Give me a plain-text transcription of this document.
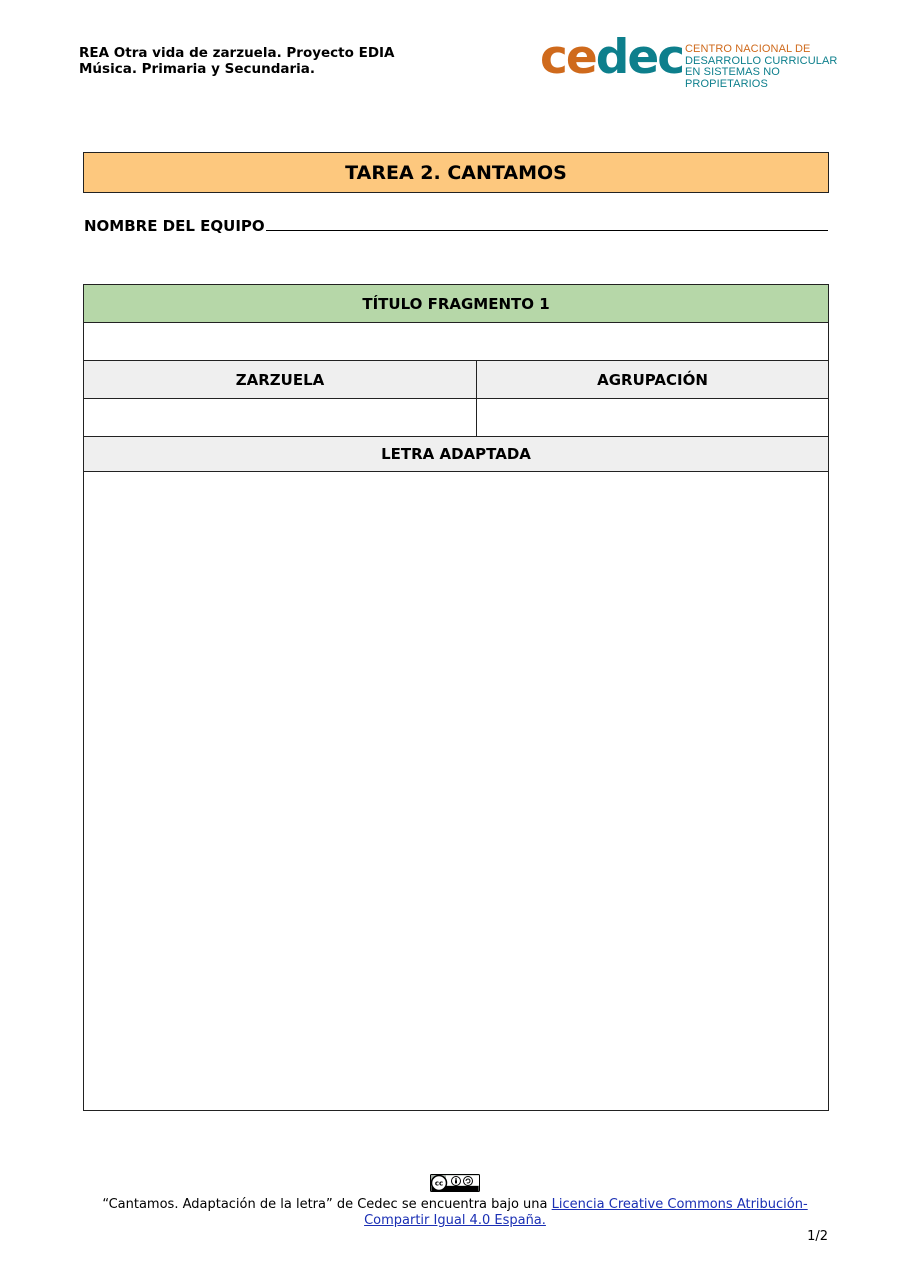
REA Otra vida de zarzuela. Proyecto EDIA
Música. Primaria y Secundaria.	cedec CENTRO NACIONAL DE
DESARROLLO CURRICULAR
EN SISTEMAS NO PROPIETARIOS
TAREA 2. CANTAMOS
NOMBRE DEL EQUIPO
TÍTULO FRAGMENTO 1	

ZARZUELA	AGRUPACIÓN

LETRA ADAPTADA	

cc
“Cantamos. Adaptación de la letra” de Cedec se encuentra bajo una Licencia Creative Commons Atribución-Compartir Igual 4.0 España.
1/2
